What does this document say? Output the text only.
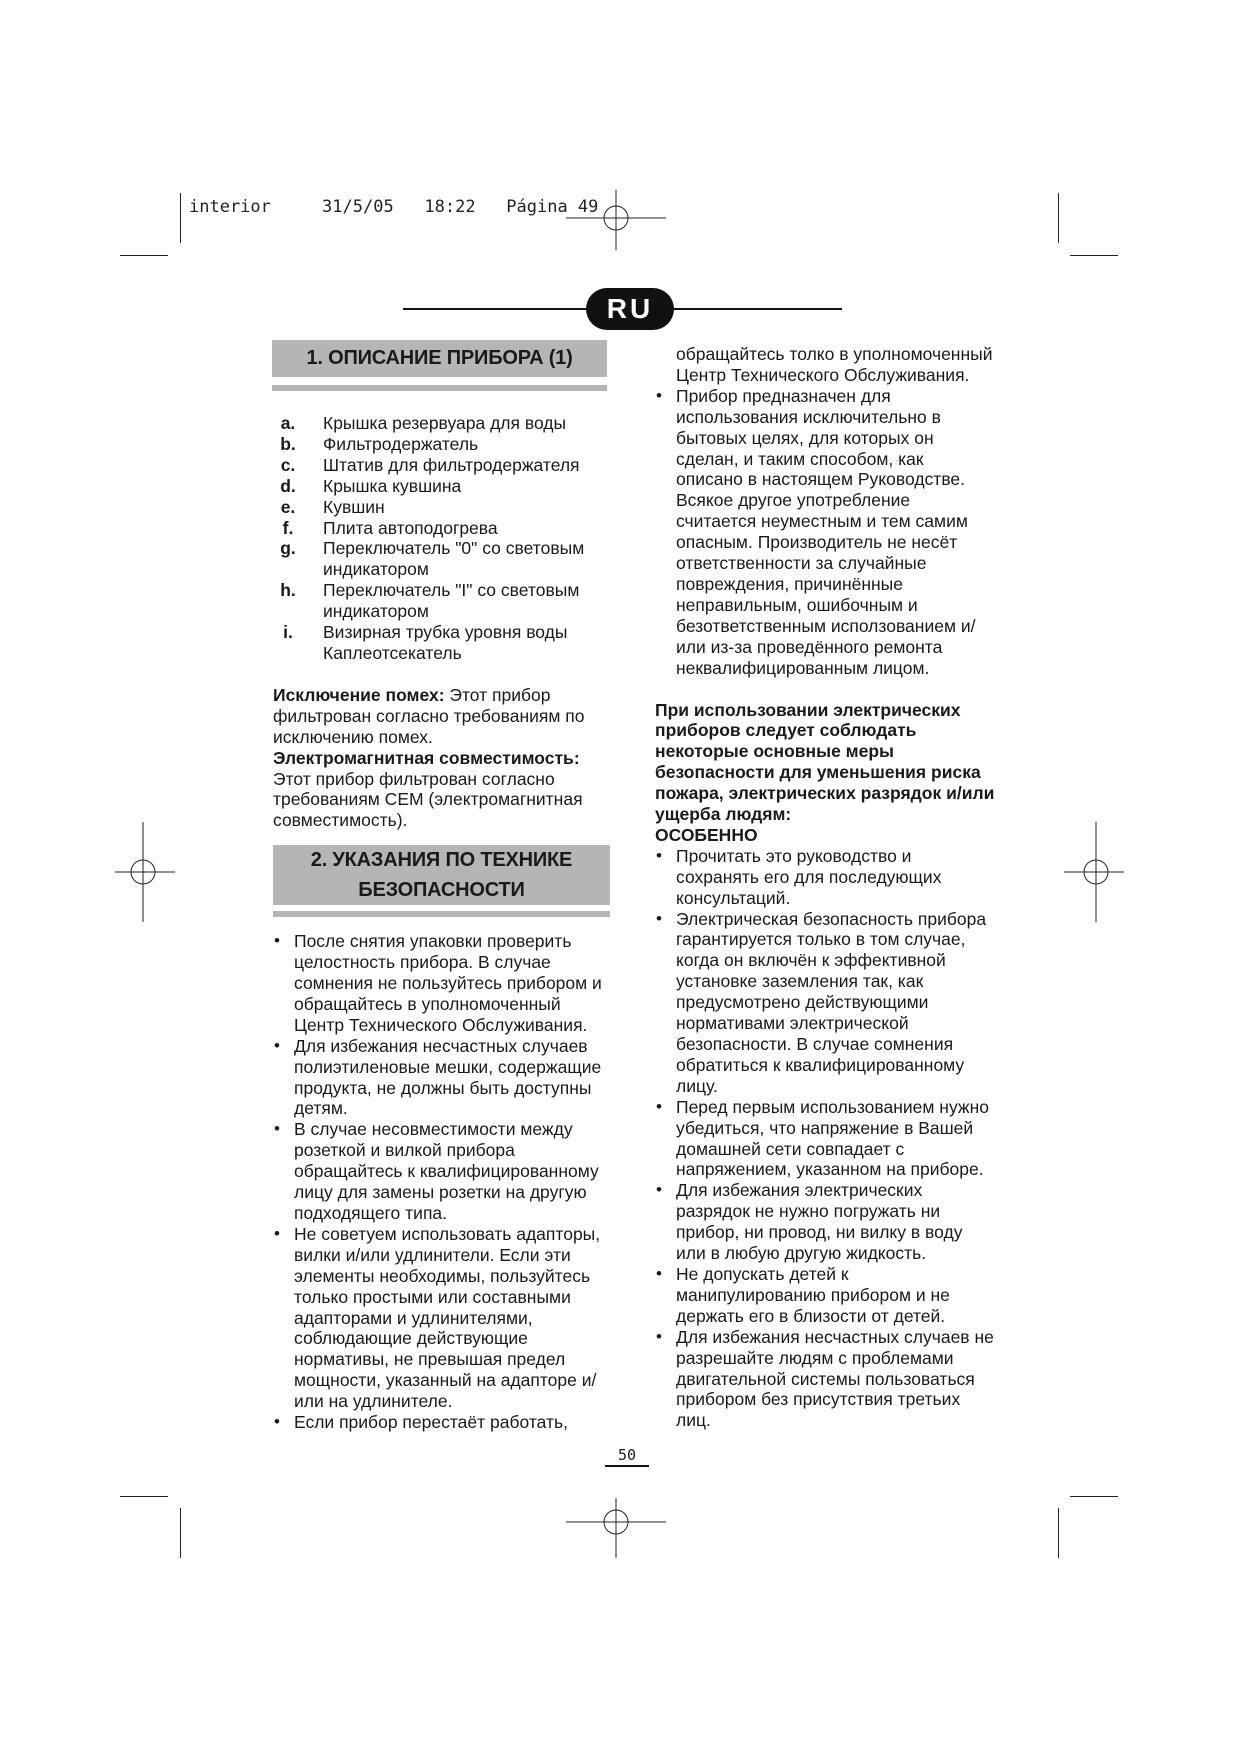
interior     31/5/05   18:22   Página 49
RU
1. ОПИСАНИЕ ПРИБОРА (1)
a.	Крышка резервуара для воды
b.	Фильтродержатель
c.	Штатив для фильтродержателя
d.	Крышка кувшина
e.	Кувшин
f.	Плита автоподогрева
g.	Переключатель "0" со световым индикатором
h.	Переключатель "I" со световым индикатором
i.	Визирная трубка уровня воды
Каплеотсекатель

Исключение помех: Этот прибор фильтрован согласно требованиям по исключению помех.

Электромагнитная совместимость:

Этот прибор фильтрован согласно требованиям CEM (электромагнитная совместимость).

2. УКАЗАНИЯ ПО ТЕХНИКЕ
БЕЗОПАСНОСТИ
• После снятия упаковки проверить целостность прибора. В случае сомнения не пользуйтесь прибором и обращайтесь в уполномоченный Центр Технического Обслуживания.
• Для избежания несчастных случаев полиэтиленовые мешки, содержащие продукта, не должны быть доступны детям.
• В случае несовместимости между розеткой и вилкой прибора обращайтесь к квалифицированному лицу для замены розетки на другую подходящего типа.
• Не советуем использовать адапторы, вилки и/или удлинители. Если эти элементы необходимы, пользуйтесь только простыми или составными адапторами и удлинителями, соблюдающие действующие нормативы, не превышая предел мощности, указанный на адапторе и/или на удлинителе.
• Если прибор перестаёт работать,

обращайтесь толко в уполномоченный Центр Технического Обслуживания.

• Прибор предназначен для использования исключительно в бытовых целях, для которых он сделан, и таким способом, как описано в настоящем Руководстве. Всякое другое употребление считается неуместным и тем самим опасным. Производитель не несёт ответственности за случайные повреждения, причинённые неправильным, ошибочным и безответственным исползованием и/или из-за проведённого ремонта неквалифицированным лицом.

При использовании электрических приборов следует соблюдать некоторые основные меры безопасности для уменьшения риска пожара, электрических разрядок и/или ущерба людям:

ОСОБЕННО

• Прочитать это руководство и сохранять его для последующих консультаций.
• Электрическая безопасность прибора гарантируется только в том случае, когда он включён к эффективной установке заземления так, как предусмотрено действующими нормативами электрической безопасности. В случае сомнения обратиться к квалифицированному лицу.
• Перед первым использованием нужно убедиться, что напряжение в Вашей домашней сети совпадает с напряжением, указанном на приборе.
• Для избежания электрических разрядок не нужно погружать ни прибор, ни провод, ни вилку в воду или в любую другую жидкость.
• Не допускать детей к манипулированию прибором и не держать его в близости от детей.
• Для избежания несчастных случаев не разрешайте людям с проблемами двигательной системы пользоваться прибором без присутствия третьих лиц.
50
